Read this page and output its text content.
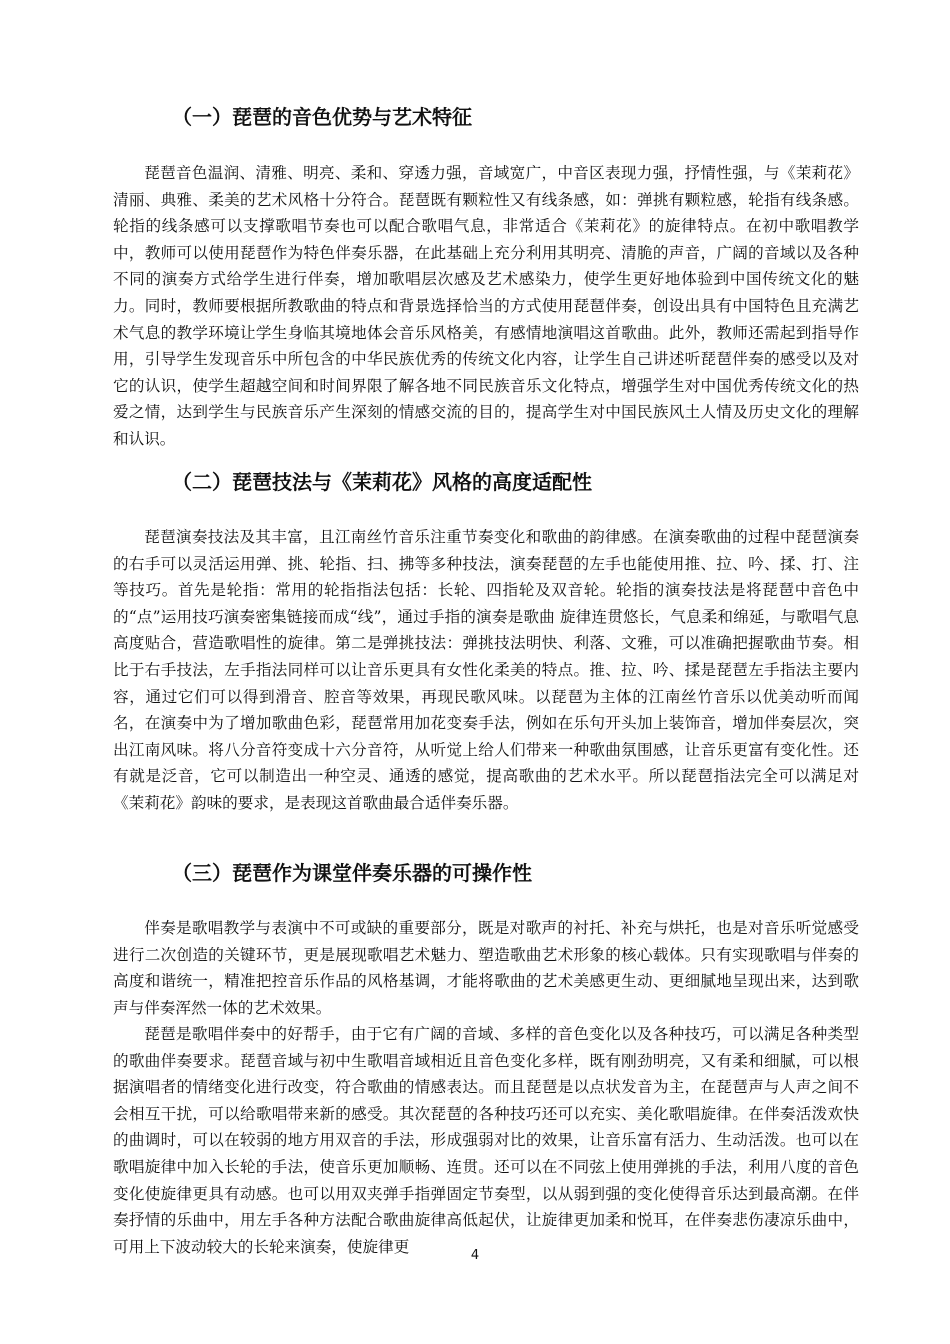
（一）琵琶的音色优势与艺术特征

琵琶音色温润、清雅、明亮、柔和、穿透力强，音域宽广，中音区表现力强，抒情性强，与《茉莉花》清丽、典雅、柔美的艺术风格十分符合。琵琶既有颗粒性又有线条感，如：弹挑有颗粒感，轮指有线条感。轮指的线条感可以支撑歌唱节奏也可以配合歌唱气息，非常适合《茉莉花》的旋律特点。在初中歌唱教学中，教师可以使用琵琶作为特色伴奏乐器，在此基础上充分利用其明亮、清脆的声音，广阔的音域以及各种不同的演奏方式给学生进行伴奏，增加歌唱层次感及艺术感染力，使学生更好地体验到中国传统文化的魅力。同时，教师要根据所教歌曲的特点和背景选择恰当的方式使用琵琶伴奏，创设出具有中国特色且充满艺术气息的教学环境让学生身临其境地体会音乐风格美，有感情地演唱这首歌曲。此外，教师还需起到指导作用，引导学生发现音乐中所包含的中华民族优秀的传统文化内容，让学生自己讲述听琵琶伴奏的感受以及对它的认识，使学生超越空间和时间界限了解各地不同民族音乐文化特点，增强学生对中国优秀传统文化的热爱之情，达到学生与民族音乐产生深刻的情感交流的目的，提高学生对中国民族风土人情及历史文化的理解和认识。

（二）琵琶技法与《茉莉花》风格的高度适配性

琵琶演奏技法及其丰富，且江南丝竹音乐注重节奏变化和歌曲的韵律感。在演奏歌曲的过程中琵琶演奏的右手可以灵活运用弹、挑、轮指、扫、拂等多种技法，演奏琵琶的左手也能使用推、拉、吟、揉、打、注等技巧。首先是轮指：常用的轮指指法包括：长轮、四指轮及双音轮。轮指的演奏技法是将琵琶中音色中的“点”运用技巧演奏密集链接而成“线”，通过手指的演奏是歌曲 旋律连贯悠长，气息柔和绵延，与歌唱气息高度贴合，营造歌唱性的旋律。第二是弹挑技法：弹挑技法明快、利落、文雅，可以准确把握歌曲节奏。相比于右手技法，左手指法同样可以让音乐更具有女性化柔美的特点。推、拉、吟、揉是琵琶左手指法主要内容，通过它们可以得到滑音、腔音等效果，再现民歌风味。以琵琶为主体的江南丝竹音乐以优美动听而闻名，在演奏中为了增加歌曲色彩，琵琶常用加花变奏手法，例如在乐句开头加上装饰音，增加伴奏层次，突出江南风味。将八分音符变成十六分音符，从听觉上给人们带来一种歌曲氛围感，让音乐更富有变化性。还有就是泛音，它可以制造出一种空灵、通透的感觉，提高歌曲的艺术水平。所以琵琶指法完全可以满足对《茉莉花》韵味的要求，是表现这首歌曲最合适伴奏乐器。

（三）琵琶作为课堂伴奏乐器的可操作性

伴奏是歌唱教学与表演中不可或缺的重要部分，既是对歌声的衬托、补充与烘托，也是对音乐听觉感受进行二次创造的关键环节，更是展现歌唱艺术魅力、塑造歌曲艺术形象的核心载体。只有实现歌唱与伴奏的高度和谐统一，精准把控音乐作品的风格基调，才能将歌曲的艺术美感更生动、更细腻地呈现出来，达到歌声与伴奏浑然一体的艺术效果。

琵琶是歌唱伴奏中的好帮手，由于它有广阔的音域、多样的音色变化以及各种技巧，可以满足各种类型的歌曲伴奏要求。琵琶音域与初中生歌唱音域相近且音色变化多样，既有刚劲明亮，又有柔和细腻，可以根据演唱者的情绪变化进行改变，符合歌曲的情感表达。而且琵琶是以点状发音为主，在琵琶声与人声之间不会相互干扰，可以给歌唱带来新的感受。其次琵琶的各种技巧还可以充实、美化歌唱旋律。在伴奏活泼欢快的曲调时，可以在较弱的地方用双音的手法，形成强弱对比的效果，让音乐富有活力、生动活泼。也可以在歌唱旋律中加入长轮的手法，使音乐更加顺畅、连贯。还可以在不同弦上使用弹挑的手法，利用八度的音色变化使旋律更具有动感。也可以用双夹弹手指弹固定节奏型，以从弱到强的变化使得音乐达到最高潮。在伴奏抒情的乐曲中，用左手各种方法配合歌曲旋律高低起伏，让旋律更加柔和悦耳，在伴奏悲伤凄凉乐曲中，可用上下波动较大的长轮来演奏，使旋律更	4
